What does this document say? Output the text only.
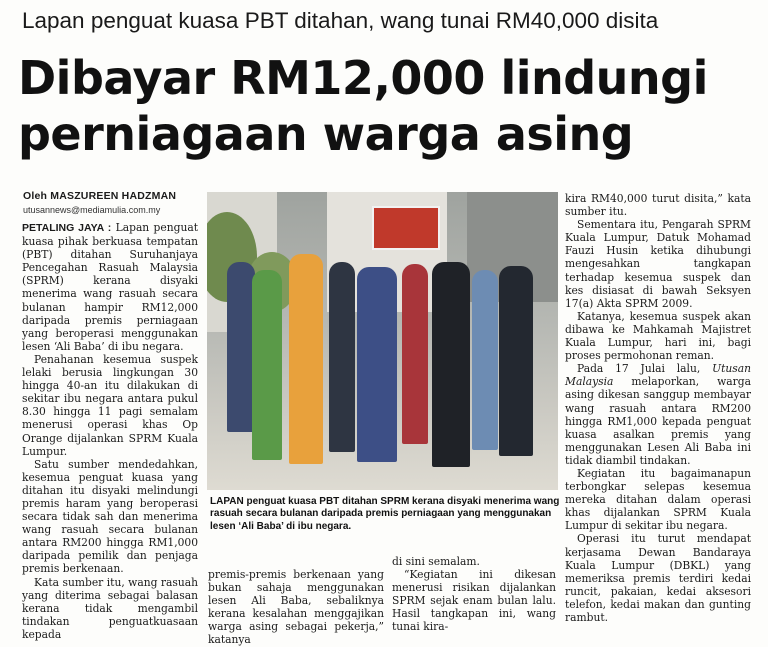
Lapan penguat kuasa PBT ditahan, wang tunai RM40,000 disita
Dibayar RM12,000 lindungi perniagaan warga asing
Oleh MASZUREEN HADZMAN
utusannews@mediamulia.com.my

PETALING JAYA : Lapan penguat kuasa pihak berkuasa tempatan (PBT) ditahan Suruhanjaya Pencegahan Rasuah Malaysia (SPRM) kerana disyaki menerima wang rasuah secara bulanan hampir RM12,000 daripada premis perniagaan yang beroperasi menggunakan lesen ‘Ali Baba’ di ibu negara.

Penahanan kesemua suspek lelaki berusia lingkungan 30 hingga 40-an itu dilakukan di sekitar ibu negara antara pukul 8.30 hingga 11 pagi semalam menerusi operasi khas Op Orange dijalankan SPRM Kuala Lumpur.

Satu sumber mendedahkan, kesemua penguat kuasa yang ditahan itu disyaki melindungi premis haram yang beroperasi secara tidak sah dan menerima wang rasuah secara bulanan antara RM200 hingga RM1,000 daripada pemilik dan penjaga premis berkenaan.

Kata sumber itu, wang rasuah yang diterima sebagai balasan kerana tidak mengambil tindakan penguatkuasaan kepada

LAPAN penguat kuasa PBT ditahan SPRM kerana disyaki menerima wang rasuah secara bulanan daripada premis perniagaan yang menggunakan lesen ‘Ali Baba’ di ibu negara.

premis-premis berkenaan yang bukan sahaja menggunakan lesen Ali Baba, sebaliknya kerana kesalahan menggajikan warga asing sebagai pekerja,” katanya

di sini semalam.

“Kegiatan ini dikesan menerusi risikan dijalankan SPRM sejak enam bulan lalu. Hasil tangkapan ini, wang tunai kira-

kira RM40,000 turut disita,” kata sumber itu.

Sementara itu, Pengarah SPRM Kuala Lumpur, Datuk Mohamad Fauzi Husin ketika dihubungi mengesahkan tangkapan terhadap kesemua suspek dan kes disiasat di bawah Seksyen 17(a) Akta SPRM 2009.

Katanya, kesemua suspek akan dibawa ke Mahkamah Majistret Kuala Lumpur, hari ini, bagi proses permohonan reman.

Pada 17 Julai lalu, Utusan Malaysia melaporkan, warga asing dikesan sanggup membayar wang rasuah antara RM200 hingga RM1,000 kepada penguat kuasa asalkan premis yang menggunakan Lesen Ali Baba ini tidak diambil tindakan.

Kegiatan itu bagaimanapun terbongkar selepas kesemua mereka ditahan dalam operasi khas dijalankan SPRM Kuala Lumpur di sekitar ibu negara.

Operasi itu turut mendapat kerjasama Dewan Bandaraya Kuala Lumpur (DBKL) yang memeriksa premis terdiri kedai runcit, pakaian, kedai aksesori telefon, kedai makan dan gunting rambut.
